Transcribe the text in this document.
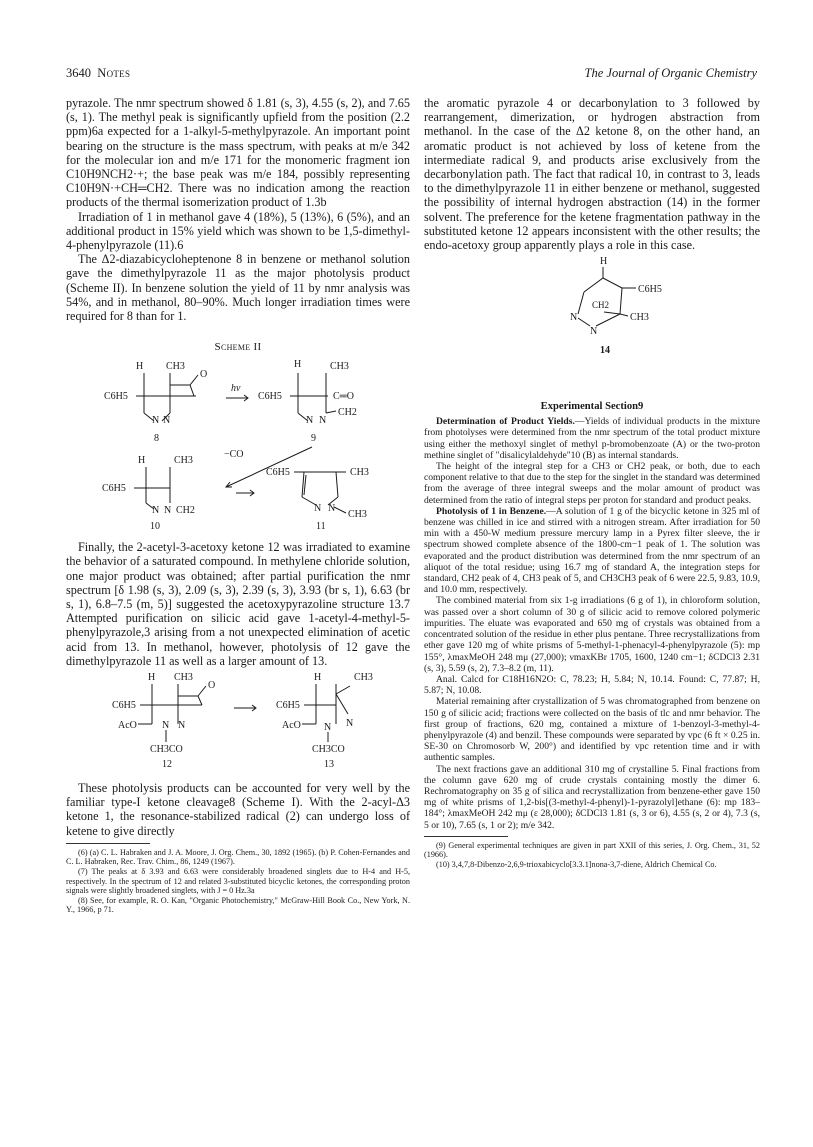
3640 Notes	The Journal of Organic Chemistry

pyrazole. The nmr spectrum showed δ 1.81 (s, 3), 4.55 (s, 2), and 7.65 (s, 1). The methyl peak is significantly upfield from the position (2.2 ppm)6a expected for a 1-alkyl-5-methylpyrazole. An important point bearing on the structure is the mass spectrum, with peaks at m/e 342 for the molecular ion and m/e 171 for the monomeric fragment ion C10H9NCH2·+; the base peak was m/e 184, possibly representing C10H9N·+CH═CH2. There was no indication among the reaction products of the thermal isomerization product of 1.3b

Irradiation of 1 in methanol gave 4 (18%), 5 (13%), 6 (5%), and an additional product in 15% yield which was shown to be 1,5-dimethyl-4-phenylpyrazole (11).6

The Δ2-diazabicycloheptenone 8 in benzene or methanol solution gave the dimethylpyrazole 11 as the major photolysis product (Scheme II). In benzene solution the yield of 11 by nmr analysis was 54%, and in methanol, 80–90%. Much longer irradiation times were required for 8 than for 1.

Scheme II
H CH3
C6H5
O
N N
8
hν
H	CH3
C6H5	C═O
CH2
N N
9
−CO
H	CH3
C6H5
N N CH2
10
C6H5	CH3
N N
CH3
11

Finally, the 2-acetyl-3-acetoxy ketone 12 was irradiated to examine the behavior of a saturated compound. In methylene chloride solution, one major product was obtained; after partial purification the nmr spectrum [δ 1.98 (s, 3), 2.09 (s, 3), 2.39 (s, 3), 3.93 (br s, 1), 6.63 (br s, 1), 6.8–7.5 (m, 5)] suggested the acetoxypyrazoline structure 13.7 Attempted purification on silicic acid gave 1-acetyl-4-methyl-5-phenylpyrazole,3 arising from a not unexpected elimination of acetic acid from 13. In methanol, however, photolysis of 12 gave the dimethylpyrazole 11 as well as a larger amount of 13.

H CH3
C6H5
O
AcO	N N
CH3CO
12
H	CH3
C6H5
N
AcO N
CH3CO
13

These photolysis products can be accounted for very well by the familiar type-I ketone cleavage8 (Scheme I). With the 2-acyl-Δ3 ketone 1, the resonance-stabilized radical (2) can undergo loss of ketene to give directly

(6) (a) C. L. Habraken and J. A. Moore, J. Org. Chem., 30, 1892 (1965). (b) P. Cohen-Fernandes and C. L. Habraken, Rec. Trav. Chim., 86, 1249 (1967).

(7) The peaks at δ 3.93 and 6.63 were considerably broadened singlets due to H-4 and H-5, respectively. In the spectrum of 12 and related 3-substituted bicyclic ketones, the corresponding proton signals were slightly broadened singlets, with J = 0 Hz.3a

(8) See, for example, R. O. Kan, "Organic Photochemistry," McGraw-Hill Book Co., New York, N. Y., 1966, p 71.

the aromatic pyrazole 4 or decarbonylation to 3 followed by rearrangement, dimerization, or hydrogen abstraction from methanol. In the case of the Δ2 ketone 8, on the other hand, an aromatic product is not achieved by loss of ketene from the intermediate radical 9, and products arise exclusively from the decarbonylation path. The fact that radical 10, in contrast to 3, leads to the dimethylpyrazole 11 in either benzene or methanol, suggested the possibility of internal hydrogen abstraction (14) in the former solvent. The preference for the ketene fragmentation pathway in the substituted ketone 12 appears inconsistent with the other results; the endo-acetoxy group apparently plays a role in this case.

H
C6H5
CH2
CH3
N
N
14

Experimental Section9

Determination of Product Yields.—Yields of individual products in the mixture from photolyses were determined from the nmr spectrum of the total product mixture using either the methoxyl singlet of methyl p-bromobenzoate (A) or the two-proton methine singlet of "disalicylaldehyde"10 (B) as internal standards.

The height of the integral step for a CH3 or CH2 peak, or both, due to each component relative to that due to the step for the singlet in the standard was determined from the average of three integral sweeps and the molar amount of product was determined from the ratio of integral steps per proton for standard and product peaks.

Photolysis of 1 in Benzene.—A solution of 1 g of the bicyclic ketone in 325 ml of benzene was chilled in ice and stirred with a nitrogen stream. After irradiation for 50 min with a 450-W medium pressure mercury lamp in a Pyrex filter sleeve, the ir spectrum showed complete absence of the 1800-cm−1 peak of 1. The solution was evaporated and the product distribution was determined from the nmr spectrum of an aliquot of the total residue; using 16.7 mg of standard A, the integration steps for standard, CH2 peak of 4, CH3 peak of 5, and CH3CH3 peak of 6 were 22.5, 9.83, 10.9, and 10.0 mm, respectively.

The combined material from six 1-g irradiations (6 g of 1), in chloroform solution, was passed over a short column of 30 g of silicic acid to remove colored polymeric impurities. The eluate was evaporated and 650 mg of crystals was obtained from a concentrated solution of the residue in ether plus pentane. Three recrystallizations from ether gave 120 mg of white prisms of 5-methyl-1-phenacyl-4-phenylpyrazole (5): mp 155°, λmaxMeOH 248 mμ (27,000); νmaxKBr 1705, 1600, 1240 cm−1; δCDCl3 2.31 (s, 3), 5.59 (s, 2), 7.3–8.2 (m, 11).

Anal. Calcd for C18H16N2O: C, 78.23; H, 5.84; N, 10.14. Found: C, 77.87; H, 5.87; N, 10.08.

Material remaining after crystallization of 5 was chromatographed from benzene on 150 g of silicic acid; fractions were collected on the basis of tlc and nmr behavior. The first group of fractions, 620 mg, contained a mixture of 1-benzoyl-3-methyl-4-phenylpyrazole (4) and benzil. These compounds were separated by vpc (6 ft × 0.25 in. SE-30 on Chromosorb W, 200°) and identified by vpc retention time and ir with authentic samples.

The next fractions gave an additional 310 mg of crystalline 5. Final fractions from the column gave 620 mg of crude crystals containing mostly the dimer 6. Rechromatography on 35 g of silica and recrystallization from benzene-ether gave 150 mg of white prisms of 1,2-bis[(3-methyl-4-phenyl)-1-pyrazolyl]ethane (6): mp 183–184°; λmaxMeOH 242 mμ (ε 28,000); δCDCl3 1.81 (s, 3 or 6), 4.55 (s, 2 or 4), 7.3 (s, 5 or 10), 7.65 (s, 1 or 2); m/e 342.

(9) General experimental techniques are given in part XXII of this series, J. Org. Chem., 31, 52 (1966).

(10) 3,4,7,8-Dibenzo-2,6,9-trioxabicyclo[3.3.1]nona-3,7-diene, Aldrich Chemical Co.
